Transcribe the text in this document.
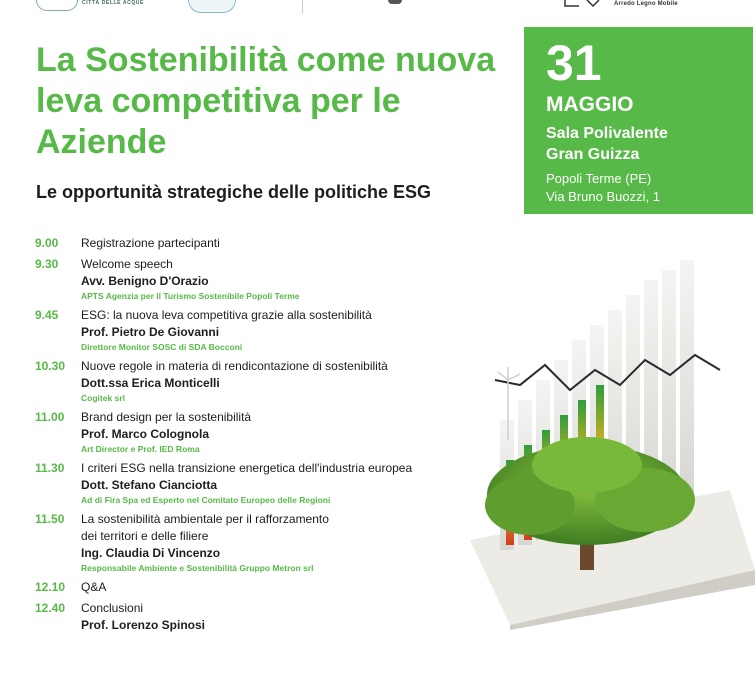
CITTÀ DELLE ACQUE	Arredo Legno Mobile
La Sostenibilità come nuova leva competitiva per le Aziende
Le opportunità strategiche delle politiche ESG
31
MAGGIO
Sala Polivalente
Gran Guizza
Popoli Terme (PE)
Via Bruno Buozzi, 1
9.00	Registrazione partecipanti
9.30	Welcome speech
Avv. Benigno D'Orazio
APTS Agenzia per il Turismo Sostenibile Popoli Terme
9.45	ESG: la nuova leva competitiva grazie alla sostenibilità
Prof. Pietro De Giovanni
Direttore Monitor SOSC di SDA Bocconi
10.30	Nuove regole in materia di rendicontazione di sostenibilità
Dott.ssa Erica Monticelli
Cogitek srl
11.00	Brand design per la sostenibilità
Prof. Marco Colognola
Art Director e Prof. IED Roma
11.30	I criteri ESG nella transizione energetica dell'industria europea
Dott. Stefano Cianciotta
Ad di Fira Spa ed Esperto nel Comitato Europeo delle Regioni
11.50	La sostenibilità ambientale per il rafforzamento
dei territori e delle filiere
Ing. Claudia Di Vincenzo
Responsabile Ambiente e Sostenibilità Gruppo Metron srl
12.10	Q&A
12.40	Conclusioni
Prof. Lorenzo Spinosi
